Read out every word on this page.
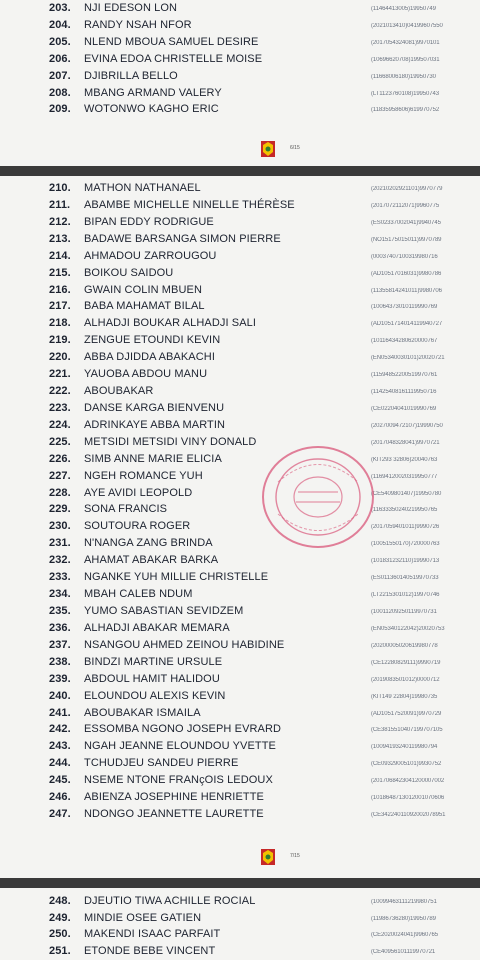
203.	NJI EDESON LON	(11464413005)19950749
204.	RANDY NSAH NFOR	(2021013410)04199607550
205.	NLEND MBOUA SAMUEL DESIRE	(2017054324081)9970101
206.	EVINA EDOA CHRISTELLE MOISE	(10696620708)199507031
207.	DJIBRILLA BELLO	(11668006180)19950730
208.	MBANG ARMAND VALERY	(LT1123760108)19950743
209.	WOTONWO KAGHO ERIC	(11835958606)619970752
6/15
210.	MATHON NATHANAEL	(20210202921101)9970779
211.	ABAMBE MICHELLE NINELLE THÉRÈSE	(2017072112071)9960775
212.	BIPAN EDDY RODRIGUE	(ES02337002041)9940745
213.	BADAWE BARSANGA SIMON PIERRE	(NO15175015011)9970789
214.	AHMADOU ZARROUGOU	(00037407100319980716
215.	BOIKOU SAIDOU	(AD10517016031)9980786
216.	GWAIN COLIN MBUEN	(11355814241011)9980706
217.	BABA MAHAMAT BILAL	(10064373010119990769
218.	ALHADJI BOUKAR ALHADJI SALI	(AD1051714014119940727
219.	ZENGUE ETOUNDI KEVIN	(10116434280620000767
220.	ABBA DJIDDA ABAKACHI	(EN05340030101)20020721
221.	YAUOBA ABDOU MANU	(11594852200519970761
222.	ABOUBAKAR	(11425408161119950716
223.	DANSE KARGA BIENVENU	(CE02204041019990769
224.	ADRINKAYE ABBA MARTIN	(2027009472107)19990750
225.	METSIDI METSIDI VINY DONALD	(2017048328041)9970721
226.	SIMB ANNE MARIE ELICIA	(KIT293 32806)20040763
227.	NGEH ROMANCE YUH	(11694120020319950777
228.	AYE AVIDI LEOPOLD	(CE5409801407)19950780
229.	SONA FRANCIS	(11633350240219950765
230.	SOUTOURA ROGER	(2017059401011)9990726
231.	N'NANGA ZANG BRINDA	(10051550170)720000763
232.	AHAMAT ABAKAR BARKA	(101831232110)19990713
233.	NGANKE YUH MILLIE CHRISTELLE	(ES011360140519970733
234.	MBAH CALEB NDUM	(LT2215301012)19970746
235.	YUMO SABASTIAN SEVIDZEM	(10011209250119970731
236.	ALHADJI ABAKAR MEMARA	(EN05340122042)20020753
237.	NSANGOU AHMED ZEINOU HABIDINE	(20200005020619980778
238.	BINDZI MARTINE URSULE	(CE12280829111)9990719
239.	ABDOUL HAMIT HALIDOU	(2019083501012)0000712
240.	ELOUNDOU ALEXIS KEVIN	(KIT149 22804)19980735
241.	ABOUBAKAR ISMAILA	(AD10517520091)9970729
242.	ESSOMBA NGONO JOSEPH EVRARD	(CE3815510407199707105
243.	NGAH JEANNE ELOUNDOU YVETTE	(10094193240119980794
244.	TCHUDJEU SANDEU PIERRE	(CE09329005101)9930752
245.	NSEME NTONE FRANçOIS LEDOUX	(2017068423041200007002
246.	ABIENZA JOSEPHINE HENRIETTE	(1018648713012001070606
247.	NDONGO JEANNETTE LAURETTE	(CE34224011092002078951
7/15
248.	DJEUTIO TIWA ACHILLE ROCIAL	(10099463111219980751
249.	MINDIE OSEE GATIEN	(11986736280)19950789
250.	MAKENDI ISAAC PARFAIT	(CE2020024041)9960765
251.	ETONDE BEBE VINCENT	(CE40956101119970721
